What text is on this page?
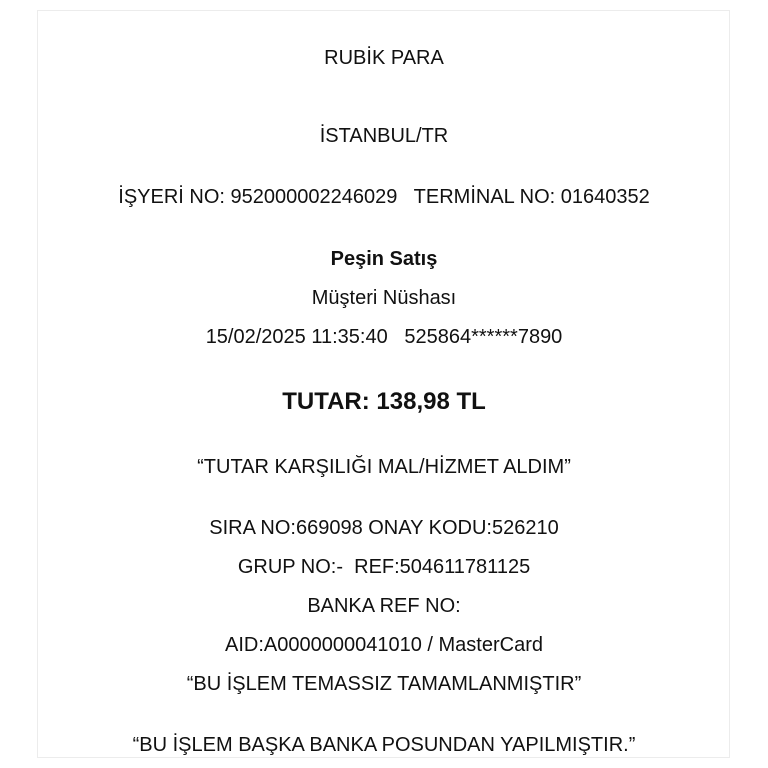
RUBİK PARA
İSTANBUL/TR
İŞYERİ NO: 952000002246029   TERMİNAL NO: 01640352
Peşin Satış
Müşteri Nüshası
15/02/2025 11:35:40   525864******7890
TUTAR: 138,98 TL
“TUTAR KARŞILIĞI MAL/HİZMET ALDIM”
SIRA NO:669098 ONAY KODU:526210
GRUP NO:-  REF:504611781125
BANKA REF NO:
AID:A0000000041010 / MasterCard
“BU İŞLEM TEMASSIZ TAMAMLANMIŞTIR”
“BU İŞLEM BAŞKA BANKA POSUNDAN YAPILMIŞTIR.”
